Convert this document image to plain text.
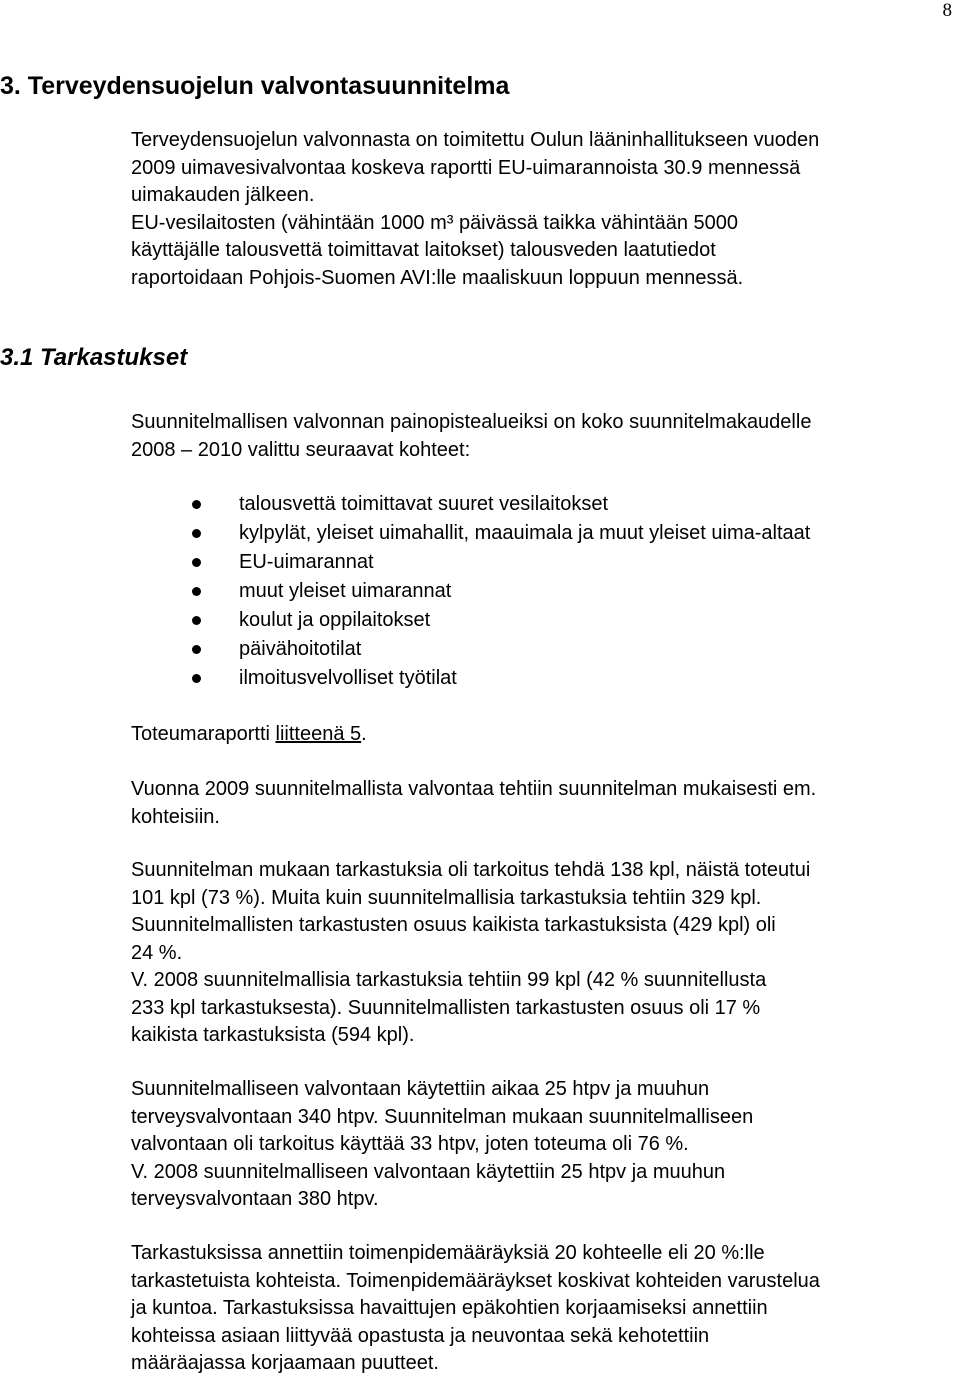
8
3. Terveydensuojelun valvontasuunnitelma

Terveydensuojelun valvonnasta on toimitettu Oulun lääninhallitukseen vuoden
2009 uimavesivalvontaa koskeva raportti EU-uimarannoista 30.9 mennessä
uimakauden jälkeen.
EU-vesilaitosten (vähintään 1000 m³ päivässä taikka vähintään 5000
käyttäjälle talousvettä toimittavat laitokset) talousveden laatutiedot
raportoidaan Pohjois-Suomen AVI:lle maaliskuun loppuun mennessä.

3.1 Tarkastukset

Suunnitelmallisen valvonnan painopistealueiksi on koko suunnitelmakaudelle
2008 – 2010 valittu seuraavat kohteet:

talousvettä toimittavat suuret vesilaitokset
kylpylät, yleiset uimahallit, maauimala ja muut yleiset uima-altaat
EU-uimarannat
muut yleiset uimarannat
koulut ja oppilaitokset
päivähoitotilat
ilmoitusvelvolliset työtilat

Toteumaraportti liitteenä 5.

Vuonna 2009 suunnitelmallista valvontaa tehtiin suunnitelman mukaisesti em.
kohteisiin.

Suunnitelman mukaan tarkastuksia oli tarkoitus tehdä 138 kpl, näistä toteutui
101 kpl (73 %). Muita kuin suunnitelmallisia tarkastuksia tehtiin 329 kpl.
Suunnitelmallisten tarkastusten osuus kaikista tarkastuksista (429 kpl) oli
24 %.
V. 2008 suunnitelmallisia tarkastuksia tehtiin 99 kpl (42 % suunnitellusta
233 kpl tarkastuksesta). Suunnitelmallisten tarkastusten osuus oli 17 %
kaikista tarkastuksista (594 kpl).

Suunnitelmalliseen valvontaan käytettiin aikaa 25 htpv ja muuhun
terveysvalvontaan 340 htpv. Suunnitelman mukaan suunnitelmalliseen
valvontaan oli tarkoitus käyttää 33 htpv, joten toteuma oli 76 %.
V. 2008 suunnitelmalliseen valvontaan käytettiin 25 htpv ja muuhun
terveysvalvontaan 380 htpv.

Tarkastuksissa annettiin toimenpidemääräyksiä 20 kohteelle eli 20 %:lle
tarkastetuista kohteista. Toimenpidemääräykset koskivat kohteiden varustelua
ja kuntoa. Tarkastuksissa havaittujen epäkohtien korjaamiseksi annettiin
kohteissa asiaan liittyvää opastusta ja neuvontaa sekä kehotettiin
määräajassa korjaamaan puutteet.
